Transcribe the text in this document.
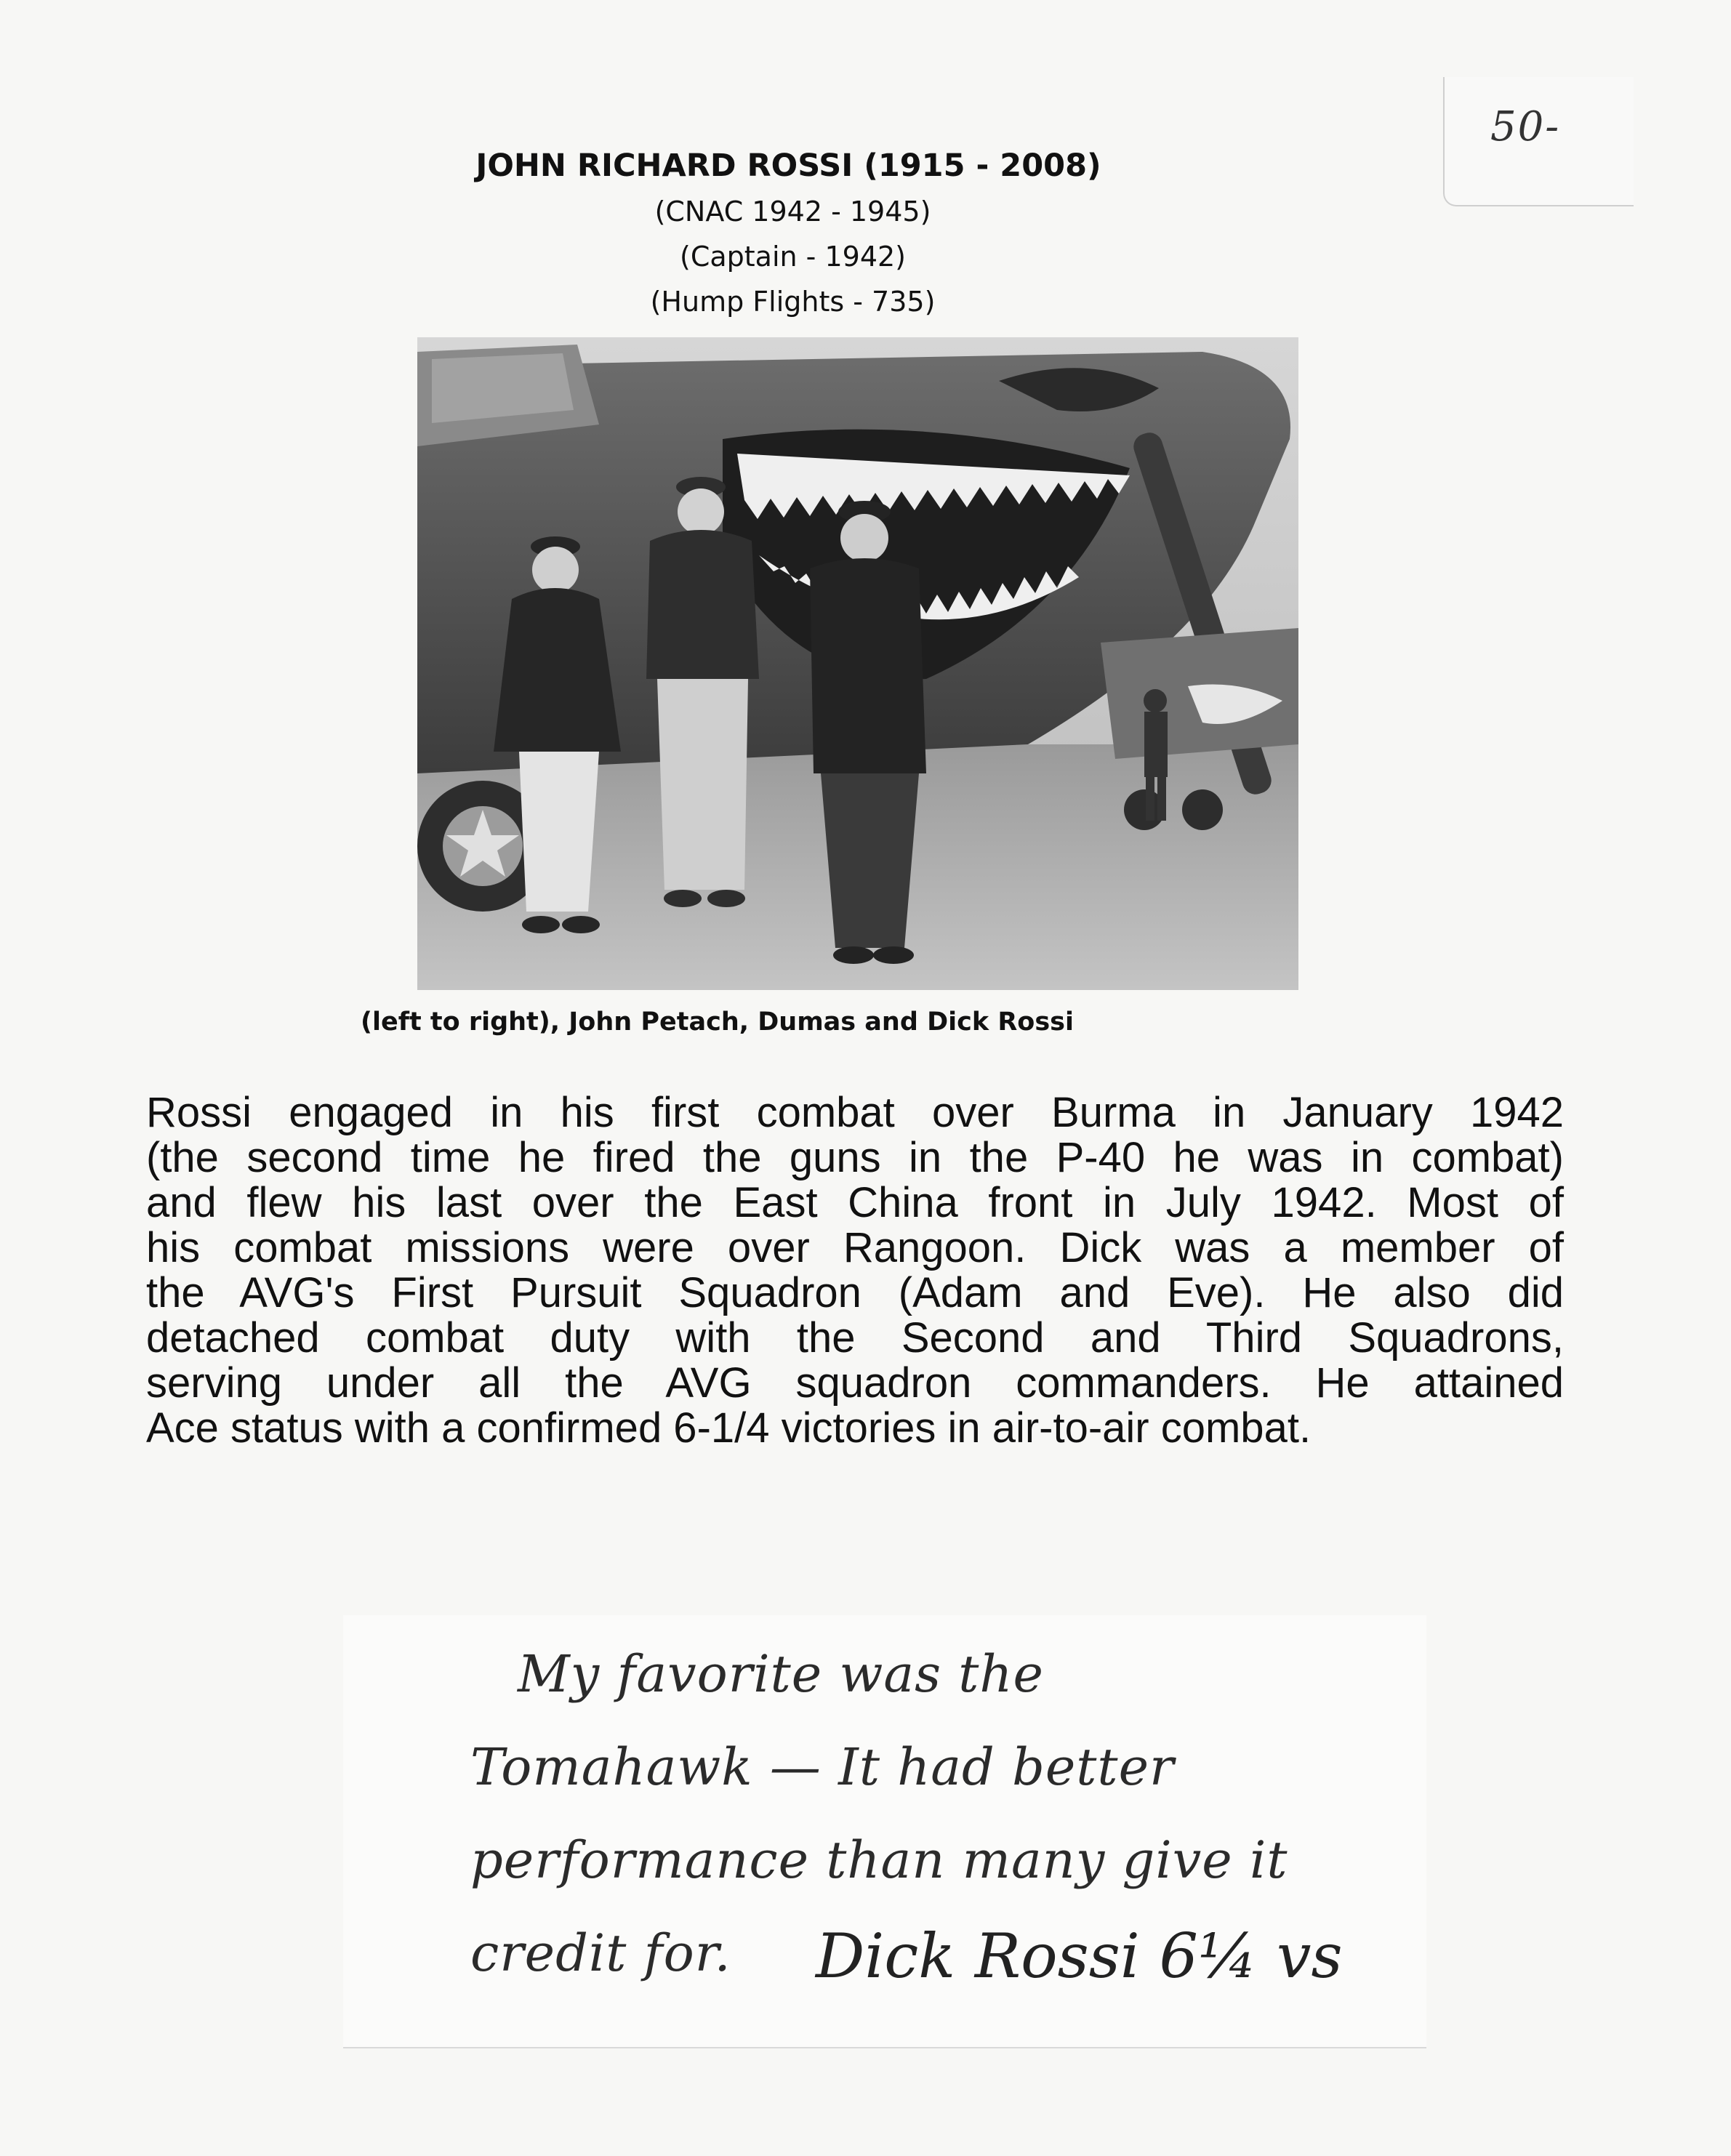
50-
JOHN RICHARD ROSSI (1915 - 2008)
(CNAC 1942 - 1945)
(Captain - 1942)
(Hump Flights - 735)
(left to right), John Petach, Dumas and Dick Rossi
Rossi engaged in his first combat over Burma in January 1942
(the second time he fired the guns in the P-40 he was in combat)
and flew his last over the East China front in July 1942. Most of
his combat missions were over Rangoon. Dick was a member of
the AVG's First Pursuit Squadron (Adam and Eve). He also did
detached combat duty with the Second and Third Squadrons,
serving under all the AVG squadron commanders. He attained
Ace status with a confirmed 6-1/4 victories in air-to-air combat.
My favorite was the
Tomahawk — It had better
performance than many give it
credit for. Dick Rossi 6¼ vs
